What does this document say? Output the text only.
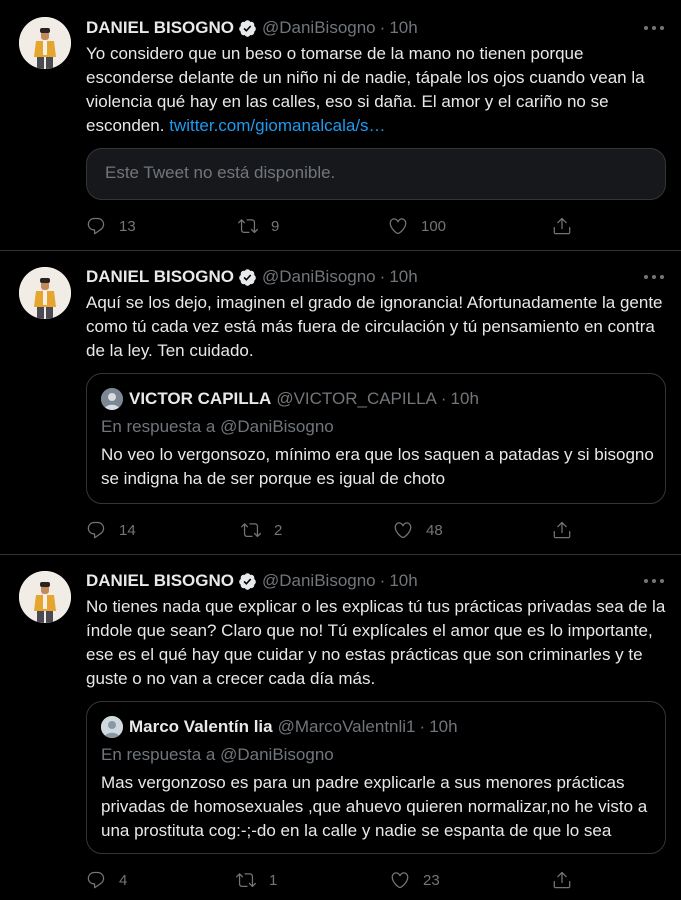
DANIEL BISOGNO @DaniBisogno · 10h
Yo considero que un beso o tomarse de la mano no tienen porque esconderse delante de un niño ni de nadie, tápale los ojos cuando vean la violencia qué hay en las calles, eso si daña. El amor y el cariño no se esconden. twitter.com/giomanalcala/s…
Este Tweet no está disponible.
13	9	100
DANIEL BISOGNO @DaniBisogno · 10h
Aquí se los dejo, imaginen el grado de ignorancia! Afortunadamente la gente como tú cada vez está más fuera de circulación y tú pensamiento en contra de la ley. Ten cuidado.
VICTOR CAPILLA @VICTOR_CAPILLA · 10h
En respuesta a @DaniBisogno
No veo lo vergonsozo, mínimo era que los saquen a patadas y si bisogno se indigna ha de ser porque es igual de choto
14	2	48
DANIEL BISOGNO @DaniBisogno · 10h
No tienes nada que explicar o les explicas tú tus prácticas privadas sea de la índole que sean? Claro que no! Tú explícales el amor que es lo importante, ese es el qué hay que cuidar y no estas prácticas que son criminarles y te guste o no van a crecer cada día más.
Marco Valentín lia @MarcoValentnli1 · 10h
En respuesta a @DaniBisogno
Mas vergonzoso es para un padre explicarle a sus menores prácticas privadas de homosexuales ,que ahuevo quieren normalizar,no he visto a una prostituta cog:-;-do en la calle y nadie se espanta de que lo sea
4	1	23
